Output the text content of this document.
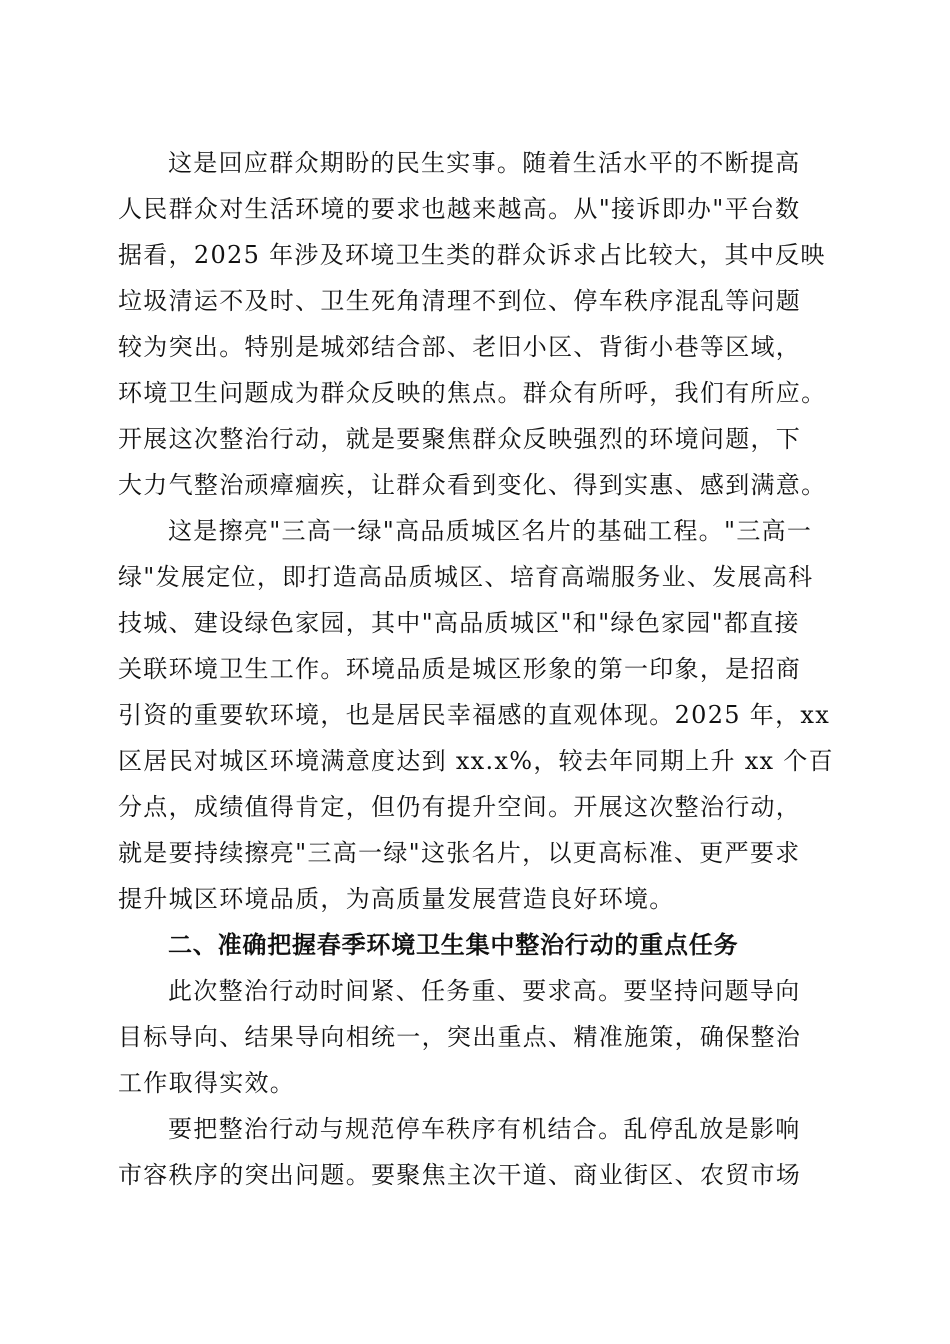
这是回应群众期盼的民生实事。随着生活水平的不断提高
人民群众对生活环境的要求也越来越高。从"接诉即办"平台数
据看，2025 年涉及环境卫生类的群众诉求占比较大，其中反映
垃圾清运不及时、卫生死角清理不到位、停车秩序混乱等问题
较为突出。特别是城郊结合部、老旧小区、背街小巷等区域，
环境卫生问题成为群众反映的焦点。群众有所呼，我们有所应。
开展这次整治行动，就是要聚焦群众反映强烈的环境问题，下
大力气整治顽瘴痼疾，让群众看到变化、得到实惠、感到满意。
这是擦亮"三高一绿"高品质城区名片的基础工程。"三高一
绿"发展定位，即打造高品质城区、培育高端服务业、发展高科
技城、建设绿色家园，其中"高品质城区"和"绿色家园"都直接
关联环境卫生工作。环境品质是城区形象的第一印象，是招商
引资的重要软环境，也是居民幸福感的直观体现。2025 年，xx
区居民对城区环境满意度达到 xx.x%，较去年同期上升 xx 个百
分点，成绩值得肯定，但仍有提升空间。开展这次整治行动，
就是要持续擦亮"三高一绿"这张名片，以更高标准、更严要求
提升城区环境品质，为高质量发展营造良好环境。
二、准确把握春季环境卫生集中整治行动的重点任务
此次整治行动时间紧、任务重、要求高。要坚持问题导向
目标导向、结果导向相统一，突出重点、精准施策，确保整治
工作取得实效。
要把整治行动与规范停车秩序有机结合。乱停乱放是影响
市容秩序的突出问题。要聚焦主次干道、商业街区、农贸市场
